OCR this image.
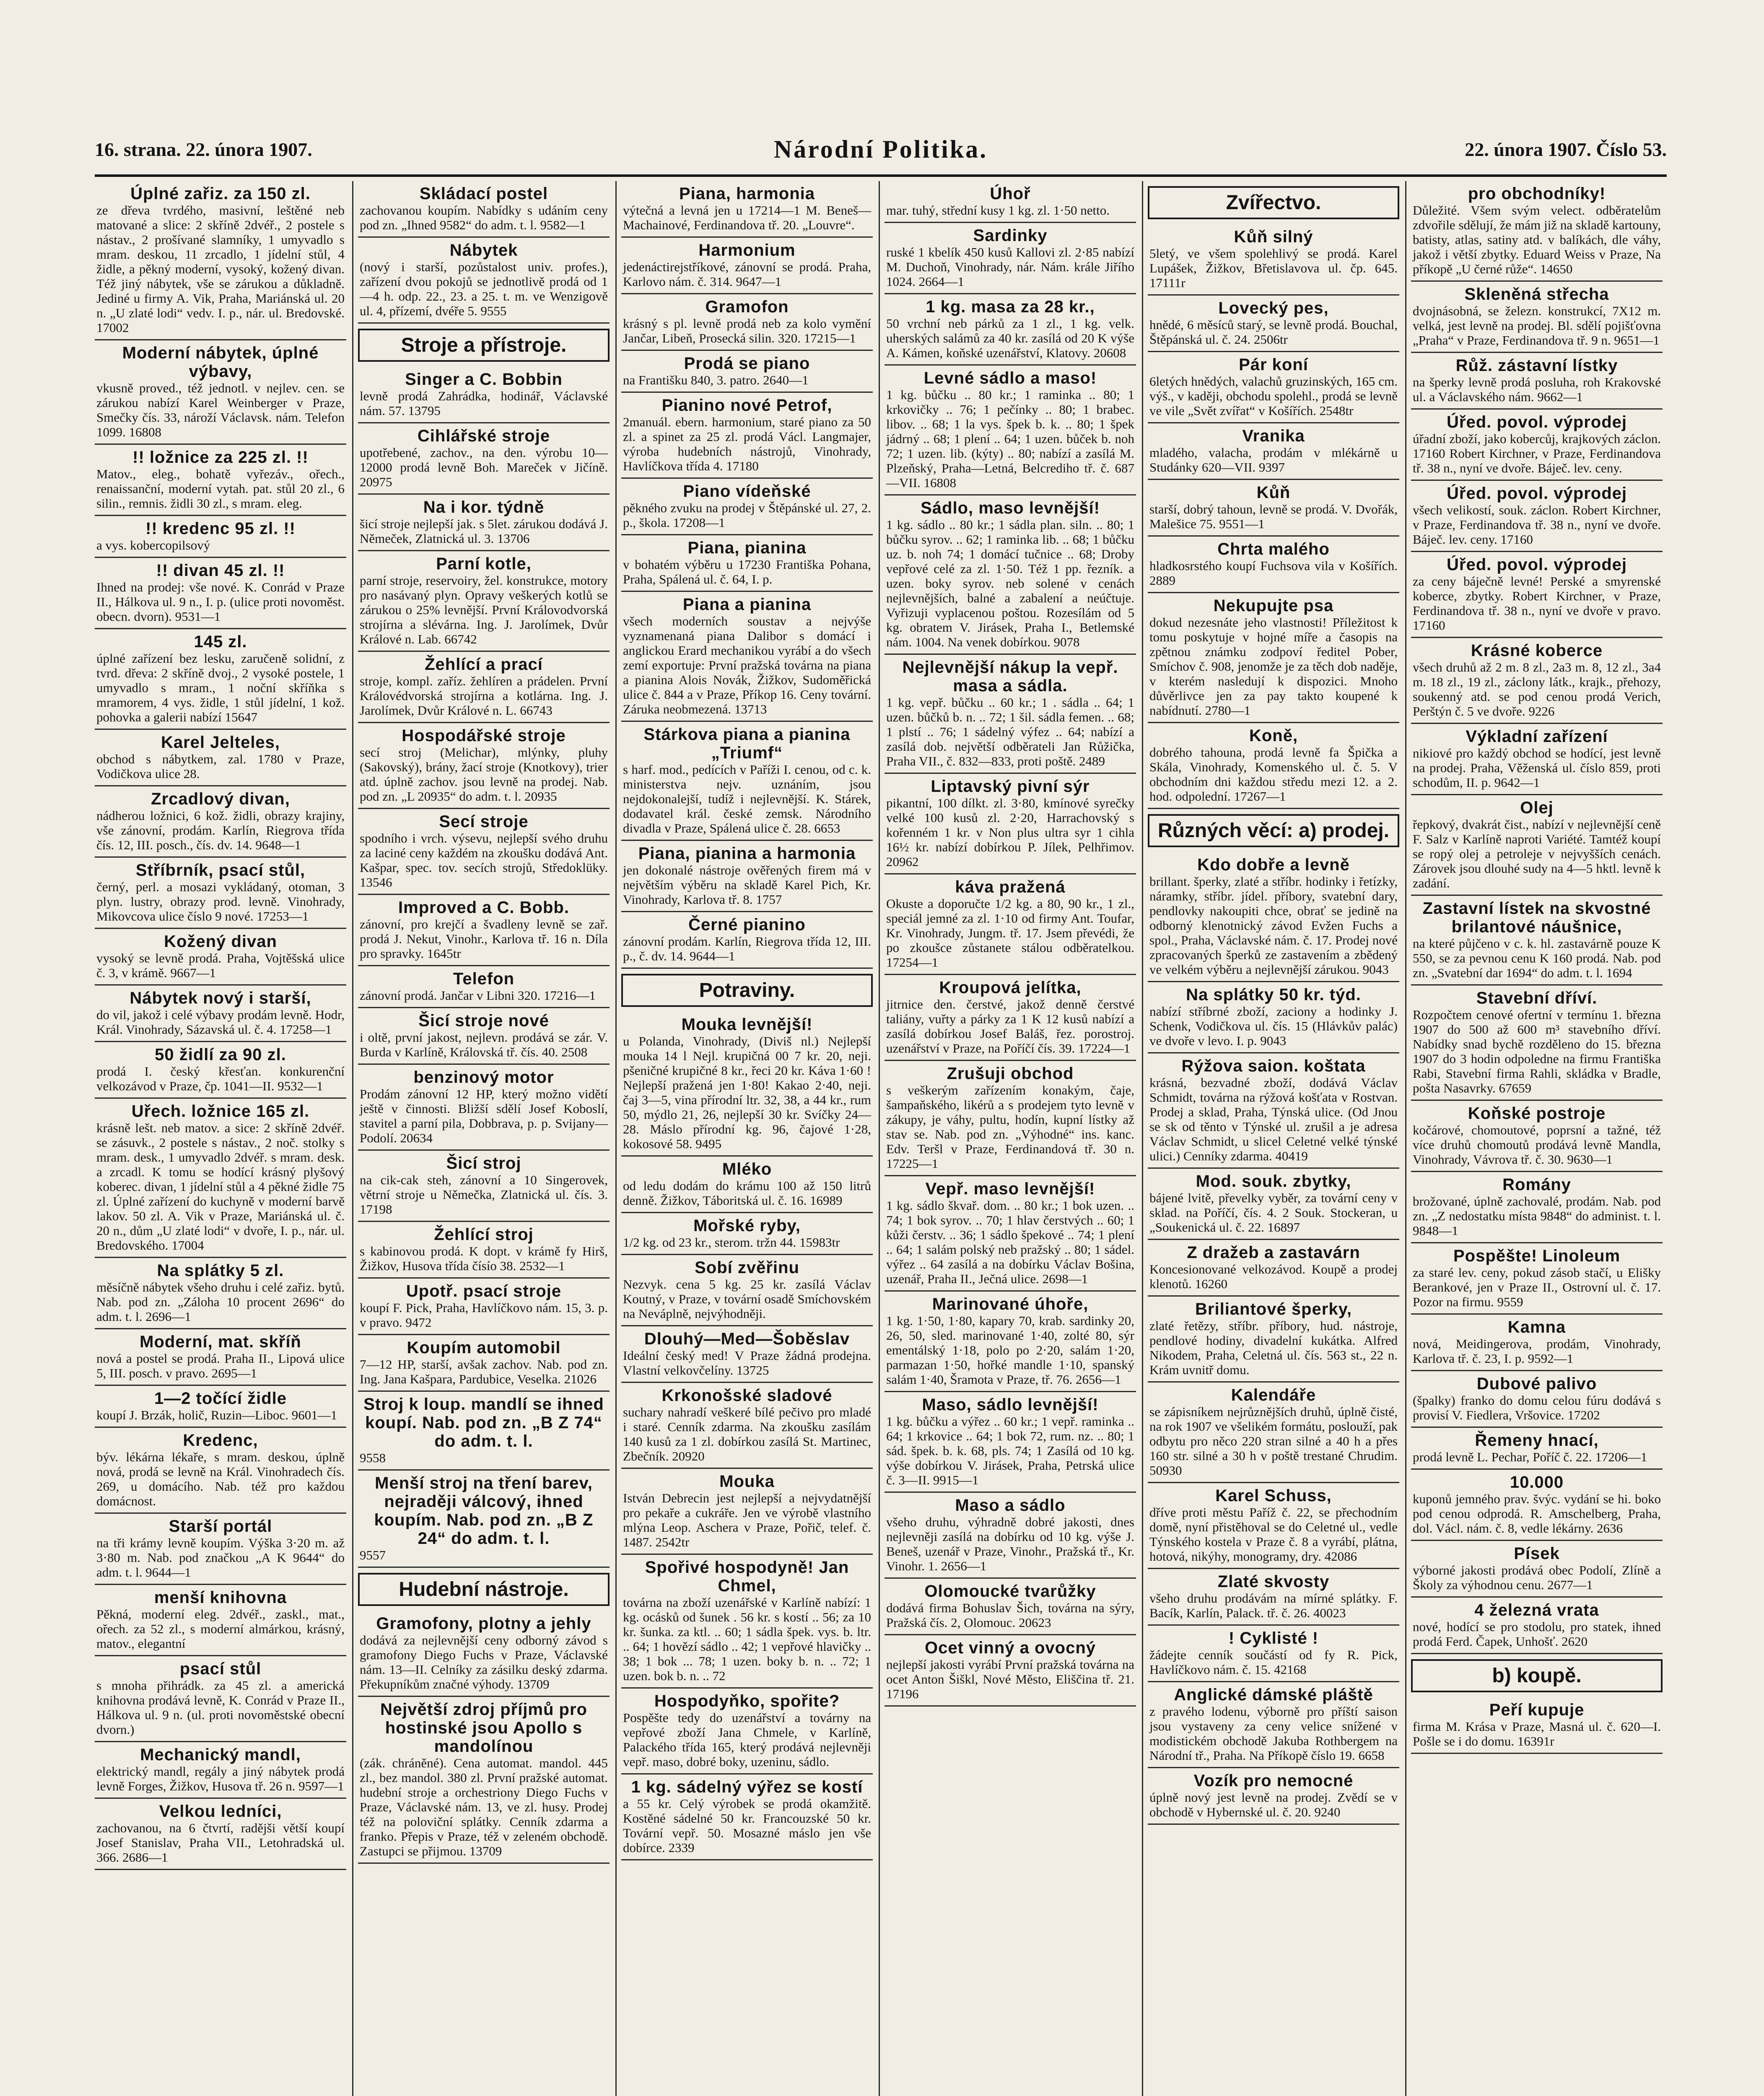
16. strana. 22. února 1907.	Národní Politika.	22. února 1907. Číslo 53.
Úplné zařiz. za 150 zl.
ze dřeva tvrdého, masivní, leštěné neb matované a slice: 2 skříně 2dvéř., 2 postele s nástav., 2 prošívané slamníky, 1 umyvadlo s mram. deskou, 11 zrcadlo, 1 jídelní stůl, 4 židle, a pěkný moderní, vysoký, kožený divan. Též jiný nábytek, vše se zárukou a důkladně. Jediné u firmy A. Vik, Praha, Mariánská ul. 20 n. „U zlaté lodi“ vedv. I. p., nár. ul. Bredovské. 17002
Moderní nábytek, úplné výbavy,
vkusně proved., též jednotl. v nejlev. cen. se zárukou nabízí Karel Weinberger v Praze, Smečky čís. 33, nároží Václavsk. nám. Telefon 1099. 16808
!! ložnice za 225 zl. !!
Matov., eleg., bohatě vyřezáv., ořech., renaissanční, moderní vytah. pat. stůl 20 zl., 6 silin., remnis. židli 30 zl., s mram. eleg.
!! kredenc 95 zl. !!
a vys. kobercopilsový
!! divan 45 zl. !!
Ihned na prodej: vše nové. K. Conrád v Praze II., Hálkova ul. 9 n., I. p. (ulice proti novoměst. obecn. dvorn). 9531—1
145 zl.
úplné zařízení bez lesku, zaručeně solidní, z tvrd. dřeva: 2 skříně dvoj., 2 vysoké postele, 1 umyvadlo s mram., 1 noční skříňka s mramorem, 4 vys. židle, 1 stůl jídelní, 1 kož. pohovka a galerii nabízí 15647
Karel Jelteles,
obchod s nábytkem, zal. 1780 v Praze, Vodičkova ulice 28.
Zrcadlový divan,
nádherou ložnici, 6 kož. židli, obrazy krajiny, vše zánovní, prodám. Karlín, Riegrova třída čís. 12, III. posch., čís. dv. 14. 9648—1
Stříbrník, psací stůl,
černý, perl. a mosazi vykládaný, otoman, 3 plyn. lustry, obrazy prod. levně. Vinohrady, Mikovcova ulice číslo 9 nové. 17253—1
Kožený divan
vysoký se levně prodá. Praha, Vojtěšská ulice č. 3, v krámě. 9667—1
Nábytek nový i starší,
do vil, jakož i celé výbavy prodám levně. Hodr, Král. Vinohrady, Sázavská ul. č. 4. 17258—1
50 židlí za 90 zl.
prodá I. český křesťan. konkurenční velkozávod v Praze, čp. 1041—II. 9532—1
Uřech. ložnice 165 zl.
krásně lešt. neb matov. a sice: 2 skříně 2dvéř. se zásuvk., 2 postele s nástav., 2 noč. stolky s mram. desk., 1 umyvadlo 2dvéř. s mram. desk. a zrcadl. K tomu se hodící krásný plyšový koberec. divan, 1 jídelní stůl a 4 pěkné židle 75 zl. Úplné zařízení do kuchyně v moderní barvě lakov. 50 zl. A. Vik v Praze, Mariánská ul. č. 20 n., dům „U zlaté lodi“ v dvoře, I. p., nár. ul. Bredovského. 17004
Na splátky 5 zl.
měsíčně nábytek všeho druhu i celé zařiz. bytů. Nab. pod zn. „Záloha 10 procent 2696“ do adm. t. l. 2696—1
Moderní, mat. skříň
nová a postel se prodá. Praha II., Lipová ulice 5, III. posch. v pravo. 2695—1
1—2 točící židle
koupí J. Brzák, holič, Ruzin—Liboc. 9601—1
Kredenc,
býv. lékárna lékaře, s mram. deskou, úplně nová, prodá se levně na Král. Vinohradech čís. 269, u domácího. Nab. též pro každou domácnost.
Starší portál
na tři krámy levně koupím. Výška 3·20 m. až 3·80 m. Nab. pod značkou „A K 9644“ do adm. t. l. 9644—1
menší knihovna
Pěkná, moderní eleg. 2dvéř., zaskl., mat., ořech. za 52 zl., s moderní almárkou, krásný, matov., elegantní
psací stůl
s mnoha přihrádk. za 45 zl. a americká knihovna prodává levně, K. Conrád v Praze II., Hálkova ul. 9 n. (ul. proti novoměstské obecní dvorn.)
Mechanický mandl,
elektrický mandl, regály a jiný nábytek prodá levně Forges, Žižkov, Husova tř. 26 n. 9597—1
Velkou ledníci,
zachovanou, na 6 čtvrtí, radějši větší koupí Josef Stanislav, Praha VII., Letohradská ul. 366. 2686—1
Skládací postel
zachovanou koupím. Nabídky s udáním ceny pod zn. „Ihned 9582“ do adm. t. l. 9582—1
Nábytek
(nový i starší, pozůstalost univ. profes.), zařízení dvou pokojů se jednotlivě prodá od 1—4 h. odp. 22., 23. a 25. t. m. ve Wenzigově ul. 4, přízemí, dvéře 5. 9555
Stroje a přístroje.
Singer a C. Bobbin
levně prodá Zahrádka, hodinář, Václavské nám. 57. 13795
Cihlářské stroje
upotřebené, zachov., na den. výrobu 10—12000 prodá levně Boh. Mareček v Jičíně. 20975
Na i kor. týdně
šicí stroje nejlepší jak. s 5let. zárukou dodává J. Němeček, Zlatnická ul. 3. 13706
Parní kotle,
parní stroje, reservoiry, žel. konstrukce, motory pro nasávaný plyn. Opravy veškerých kotlů se zárukou o 25% levnější. První Královodvorská strojírna a slévárna. Ing. J. Jarolímek, Dvůr Králové n. Lab. 66742
Žehlící a prací
stroje, kompl. zaříz. žehlíren a prádelen. První Královédvorská strojírna a kotlárna. Ing. J. Jarolímek, Dvůr Králové n. L. 66743
Hospodářské stroje
secí stroj (Melichar), mlýnky, pluhy (Sakovský), brány, žací stroje (Knotkovy), trier atd. úplně zachov. jsou levně na prodej. Nab. pod zn. „L 20935“ do adm. t. l. 20935
Secí stroje
spodního i vrch. výsevu, nejlepší svého druhu za laciné ceny každém na zkoušku dodává Ant. Kašpar, spec. tov. secích strojů, Středoklüky. 13546
Improved a C. Bobb.
zánovní, pro krejčí a švadleny levně se zař. prodá J. Nekut, Vinohr., Karlova tř. 16 n. Díla pro spravky. 1645tr
Telefon
zánovní prodá. Jančar v Libni 320. 17216—1
Šicí stroje nové
i oltě, první jakost, nejlevn. prodává se zár. V. Burda v Karlíně, Královská tř. čís. 40. 2508
benzinový motor
Prodám zánovní 12 HP, který možno vidětí ještě v činnosti. Bližší sdělí Josef Koboslí, stavitel a parní pila, Dobbrava, p. p. Svijany—Podolí. 20634
Šicí stroj
na cik-cak steh, zánovní a 10 Singerovek, větrní stroje u Němečka, Zlatnická ul. čís. 3. 17198
Žehlící stroj
s kabinovou prodá. K dopt. v krámě fy Hirš, Žižkov, Husova třída čísío 38. 2532—1
Upotř. psací stroje
koupí F. Pick, Praha, Havlíčkovo nám. 15, 3. p. v pravo. 9472
Koupím automobil
7—12 HP, starší, avšak zachov. Nab. pod zn. Ing. Jana Kašpara, Pardubice, Veselka. 21026
Stroj k loup. mandlí se ihned koupí. Nab. pod zn. „B Z 74“ do adm. t. l.
9558
Menší stroj na tření barev, nejraději válcový, ihned koupím. Nab. pod zn. „B Z 24“ do adm. t. l.
9557
Hudební nástroje.
Gramofony, plotny a jehly
dodává za nejlevnější ceny odborný závod s gramofony Diego Fuchs v Praze, Václavské nám. 13—II. Celníky za zásilku deský zdarma. Překupníkům značné výhody. 13709
Největší zdroj příjmů pro hostinské jsou Apollo s mandolínou
(zák. chráněné). Cena automat. mandol. 445 zl., bez mandol. 380 zl. První pražské automat. hudební stroje a orchestriony Diego Fuchs v Praze, Václavské nám. 13, ve zl. husy. Prodej též na poloviční splátky. Cenník zdarma a franko. Přepis v Praze, též v zeleném obchodě. Zastupci se přijmou. 13709
Piana, harmonia
výtečná a levná jen u 17214—1 M. Beneš—Machainové, Ferdinandova tř. 20. „Louvre“.
Harmonium
jedenáctirejstříkové, zánovní se prodá. Praha, Karlovo nám. č. 314. 9647—1
Gramofon
krásný s pl. levně prodá neb za kolo vymění Jančar, Libeň, Prosecká silin. 320. 17215—1
Prodá se piano
na Františku 840, 3. patro. 2640—1
Pianino nové Petrof,
2manuál. ebern. harmonium, staré piano za 50 zl. a spinet za 25 zl. prodá Václ. Langmajer, výroba hudebních nástrojů, Vinohrady, Havlíčkova třída 4. 17180
Piano vídeňské
pěkného zvuku na prodej v Štěpánské ul. 27, 2. p., škola. 17208—1
Piana, pianina
v bohatém výběru u 17230 Františka Pohana, Praha, Spálená ul. č. 64, I. p.
Piana a pianina
všech moderních soustav a nejvýše vyznamenaná piana Dalibor s domácí i anglickou Erard mechanikou vyrábí a do všech zemí exportuje: První pražská továrna na piana a pianina Alois Novák, Žižkov, Sudoměřická ulice č. 844 a v Praze, Příkop 16. Ceny tovární. Záruka neobmezená. 13713
Stárkova piana a pianina „Triumf“
s harf. mod., pedících v Paříži I. cenou, od c. k. ministerstva nejv. uznáním, jsou nejdokonalejší, tudíž i nejlevnější. K. Stárek, dodavatel král. české zemsk. Národního divadla v Praze, Spálená ulice č. 28. 6653
Piana, pianina a harmonia
jen dokonalé nástroje ověřených firem má v největším výběru na skladě Karel Pich, Kr. Vinohrady, Karlova tř. 8. 1757
Černé pianino
zánovní prodám. Karlín, Riegrova třída 12, III. p., č. dv. 14. 9644—1
Potraviny.
Mouka levnější!
u Polanda, Vinohrady, (Diviš nl.) Nejlepší mouka 14 l Nejl. krupičná 00 7 kr. 20, neji. pšeničné krupičné 8 kr., řeci 20 kr. Káva 1·60 ! Nejlepší pražená jen 1·80! Kakao 2·40, neji. čaj 3—5, vina přírodní ltr. 32, 38, a 44 kr., rum 50, mýdlo 21, 26, nejlepší 30 kr. Svíčky 24—28. Máslo přírodní kg. 96, čajové 1·28, kokosové 58. 9495
Mléko
od ledu dodám do krámu 100 až 150 litrů denně. Žižkov, Táboritská ul. č. 16. 16989
Mořské ryby,
1/2 kg. od 23 kr., sterom. tržn 44. 15983tr
Sobí zvěřinu
Nezvyk. cena 5 kg. 25 kr. zasílá Václav Koutný, v Praze, v tovární osadě Smíchovském na Neváplně, nejvýhodněji.
Dlouhý—Med—Šoběslav
Ideální český med! V Praze žádná prodejna. Vlastní velkovčelíny. 13725
Krkonošské sladové
suchary nahradí veškeré bílé pečivo pro mladé i staré. Cenník zdarma. Na zkoušku zasílám 140 kusů za 1 zl. dobírkou zasílá St. Martinec, Zbečník. 20920
Mouka
István Debrecin jest nejlepší a nejvydatnější pro pekaře a cukráře. Jen ve výrobě vlastního mlýna Leop. Aschera v Praze, Pořič, telef. č. 1487. 2542tr
Spořivé hospodyně! Jan Chmel,
továrna na zboží uzenářské v Karlíně nabízí: 1 kg. ocásků od šunek . 56 kr. s kostí .. 56; za 10 kr. šunka. za ktl. .. 60; 1 sádla špek. vys. b. ltr. .. 64; 1 hovězí sádlo .. 42; 1 vepřové hlavičky .. 38; 1 bok ... 78; 1 uzen. boky b. n. .. 72; 1 uzen. bok b. n. .. 72
Hospodyňko, spořite?
Pospěšte tedy do uzenářství a továrny na vepřové zboží Jana Chmele, v Karlíně, Palackého třída 165, který prodává nejlevněji vepř. maso, dobré boky, uzeninu, sádlo.
1 kg. sádelný výřez se kostí
a 55 kr. Celý výrobek se prodá okamžitě. Kostěné sádelné 50 kr. Francouzské 50 kr. Tovární vepř. 50. Mosazné máslo jen vše dobírce. 2339
Úhoř
mar. tuhý, střední kusy 1 kg. zl. 1·50 netto.
Sardinky
ruské 1 kbelík 450 kusů Kallovi zl. 2·85 nabízí M. Duchoň, Vinohrady, nár. Nám. krále Jiřího 1024. 2664—1
1 kg. masa za 28 kr.,
50 vrchní neb párků za 1 zl., 1 kg. velk. uherských salámů za 40 kr. zasílá od 20 K výše A. Kámen, koňské uzenářství, Klatovy. 20608
Levné sádlo a maso!
1 kg. bůčku .. 80 kr.; 1 raminka .. 80; 1 krkovičky .. 76; 1 pečínky .. 80; 1 brabec. libov. .. 68; 1 la vys. špek b. k. .. 80; 1 špek jádrný .. 68; 1 plení .. 64; 1 uzen. bůček b. noh 72; 1 uzen. lib. (kýty) .. 80; nabízí a zasílá M. Plzeňský, Praha—Letná, Belcrediho tř. č. 687—VII. 16808
Sádlo, maso levnější!
1 kg. sádlo .. 80 kr.; 1 sádla plan. siln. .. 80; 1 bůčku syrov. .. 62; 1 raminka lib. .. 68; 1 bůčku uz. b. noh 74; 1 domácí tučnice .. 68; Droby vepřové celé za zl. 1·50. Též 1 pp. řezník. a uzen. boky syrov. neb solené v cenách nejlevnějších, balné a zabalení a neúčtuje. Vyřizuji vyplacenou poštou. Rozesílám od 5 kg. obratem V. Jirásek, Praha I., Betlemské nám. 1004. Na venek dobírkou. 9078
Nejlevnější nákup la vepř. masa a sádla.
1 kg. vepř. bůčku .. 60 kr.; 1 . sádla .. 64; 1 uzen. bůčků b. n. .. 72; 1 šil. sádla femen. .. 68; 1 plstí .. 76; 1 sádelný výfez .. 64; nabízí a zasílá dob. největší odběrateli Jan Růžička, Praha VII., č. 832—833, proti poště. 2489
Liptavský pivní sýr
pikantní, 100 dílkt. zl. 3·80, kmínové syrečky velké 100 kusů zl. 2·20, Harrachovský s kořenném 1 kr. v Non plus ultra syr 1 cihla 16½ kr. nabízí dobírkou P. Jílek, Pelhřimov. 20962
káva pražená
Okuste a doporučte 1/2 kg. a 80, 90 kr., 1 zl., speciál jemné za zl. 1·10 od firmy Ant. Toufar, Kr. Vinohrady, Jungm. tř. 17. Jsem převédi, že po zkoušce zůstanete stálou odběratelkou. 17254—1
Kroupová jelítka,
jitrnice den. čerstvé, jakož denně čerstvé taliány, vuřty a párky za 1 K 12 kusů nabízí a zasílá dobírkou Josef Baláš, řez. porostroj. uzenářství v Praze, na Poříčí čís. 39. 17224—1
Zrušuji obchod
s veškerým zařízením konakým, čaje, šampaňského, likérů a s prodejem tyto levně v zákupy, je váhy, pultu, hodín, kupní lístky až stav se. Nab. pod zn. „Výhodné“ ins. kanc. Edv. Teršl v Praze, Ferdinandová tř. 30 n. 17225—1
Vepř. maso levnější!
1 kg. sádlo škvař. dom. .. 80 kr.; 1 bok uzen. .. 74; 1 bok syrov. .. 70; 1 hlav čerstvých .. 60; 1 kůži čerstv. .. 36; 1 sádlo špekové .. 74; 1 plení .. 64; 1 salám polský neb pražský .. 80; 1 sádel. výřez .. 64 zasílá a na dobírku Václav Bošina, uzenář, Praha II., Ječná ulice. 2698—1
Marinované úhoře,
1 kg. 1·50, 1·80, kapary 70, krab. sardinky 20, 26, 50, sled. marinované 1·40, zolté 80, sýr ementálský 1·18, polo po 2·20, salám 1·20, parmazan 1·50, hořké mandle 1·10, spanský salám 1·40, Šramota v Praze, tř. 76. 2656—1
Maso, sádlo levnější!
1 kg. bůčku a výřez .. 60 kr.; 1 vepř. raminka .. 64; 1 krkovice .. 64; 1 bok 72, rum. nz. .. 80; 1 sád. špek. b. k. 68, pls. 74; 1 Zasílá od 10 kg. výše dobírkou V. Jirásek, Praha, Petrská ulice č. 3—II. 9915—1
Maso a sádlo
všeho druhu, výhradně dobré jakosti, dnes nejlevněji zasílá na dobírku od 10 kg. výše J. Beneš, uzenář v Praze, Vinohr., Pražská tř., Kr. Vinohr. 1. 2656—1
Olomoucké tvarůžky
dodává firma Bohuslav Šich, továrna na sýry, Pražská čís. 2, Olomouc. 20623
Ocet vinný a ovocný
nejlepší jakosti vyrábí První pražská továrna na ocet Anton Šiškl, Nové Město, Eliščina tř. 21. 17196
Zvířectvo.
Kůň silný
5letý, ve všem spolehlivý se prodá. Karel Lupášek, Žižkov, Břetislavova ul. čp. 645. 17111r
Lovecký pes,
hnědé, 6 měsíců starý, se levně prodá. Bouchal, Štěpánská ul. č. 24. 2506tr
Pár koní
6letých hnědých, valachů gruzinských, 165 cm. výš., v kaději, obchodu spolehl., prodá se levně ve vile „Svět zvířat“ v Košířích. 2548tr
Vranika
mladého, valacha, prodám v mlékárně u Studánky 620—VII. 9397
Kůň
starší, dobrý tahoun, levně se prodá. V. Dvořák, Malešice 75. 9551—1
Chrta malého
hladkosrstého koupí Fuchsova vila v Košířích. 2889
Nekupujte psa
dokud nezesnáte jeho vlastnosti! Příležitost k tomu poskytuje v hojné míře a časopis na zpětnou známku zodpoví ředitel Pober, Smíchov č. 908, jenomže je za těch dob naděje, v kterém nasledují k dispozici. Mnoho důvěrlivce jen za pay takto koupené k nabídnutí. 2780—1
Koně,
dobrého tahouna, prodá levně fa Špička a Skála, Vinohrady, Komenského ul. č. 5. V obchodním dni každou středu mezi 12. a 2. hod. odpolední. 17267—1
Různých věcí: a) prodej.
Kdo dobře a levně
brillant. šperky, zlaté a stříbr. hodinky i řetízky, náramky, stříbr. jídel. příbory, svatební dary, pendlovky nakoupiti chce, obrať se jedině na odborný klenotnický závod Evžen Fuchs a spol., Praha, Václavské nám. č. 17. Prodej nové zpracovaných šperků ze zastavením a zbědený ve velkém výběru a nejlevnější zárukou. 9043
Na splátky 50 kr. týd.
nabízí stříbrné zboží, zaciony a hodinky J. Schenk, Vodičkova ul. čís. 15 (Hlávkův palác) ve dvoře v levo. I. p. 9043
Rýžova saion. koštata
krásná, bezvadné zboží, dodává Václav Schmidt, továrna na rýžová košťata v Rostvan. Prodej a sklad, Praha, Týnská ulice. (Od Jnou se sk od těnto v Týnské ul. zrušil a je adresa Václav Schmidt, u slicel Celetné velké týnské ulici.) Cenníky zdarma. 40419
Mod. souk. zbytky,
bájené lvitě, převelky vyběr, za tovární ceny v sklad. na Poříčí, čís. 4. 2 Souk. Stockeran, u „Soukenická ul. č. 22. 16897
Z dražeb a zastavárn
Koncesionované velkozávod. Koupě a prodej klenotů. 16260
Briliantové šperky,
zlaté řetězy, stříbr. příbory, hud. nástroje, pendlové hodiny, divadelní kukátka. Alfred Nikodem, Praha, Celetná ul. čís. 563 st., 22 n. Krám uvnitř domu.
Kalendáře
se zápisníkem nejrůznějších druhů, úplně čisté, na rok 1907 ve všelikém formátu, poslouží, pak odbytu pro něco 220 stran silné a 40 h a přes 160 str. silné a 30 h v poště trestané Chrudim. 50930
Karel Schuss,
dříve proti městu Paříž č. 22, se přechodním domě, nyní přistěhoval se do Celetné ul., vedle Týnského kostela v Praze č. 8 a vyrábí, plátna, hotová, nikýhy, monogramy, dry. 42086
Zlaté skvosty
všeho druhu prodávám na mírné splátky. F. Bacík, Karlín, Palack. tř. č. 26. 40023
! Cyklisté !
žádejte cenník součástí od fy R. Pick, Havlíčkovo nám. č. 15. 42168
Anglické dámské pláště
z pravého lodenu, výborně pro příští saison jsou vystaveny za ceny velice snížené v modistickém obchodě Jakuba Rothbergem na Národní tř., Praha. Na Příkopě číslo 19. 6658
Vozík pro nemocné
úplně nový jest levně na prodej. Zvědí se v obchodě v Hybernské ul. č. 20. 9240
pro obchodníky!
Důležité. Všem svým velect. odběratelům zdvořile sdělují, že mám již na skladě kartouny, batisty, atlas, satiny atd. v balíkách, dle váhy, jakož i větší zbytky. Eduard Weiss v Praze, Na příkopě „U černé růže“. 14650
Skleněná střecha
dvojnásobná, se železn. konstrukcí, 7X12 m. velká, jest levně na prodej. Bl. sdělí pojišťovna „Praha“ v Praze, Ferdinandova tř. 9 n. 9651—1
Růž. zástavní lístky
na šperky levně prodá posluha, roh Krakovské ul. a Václavského nám. 9662—1
Úřed. povol. výprodej
úřadní zboží, jako kobercůj, krajkových záclon. 17160 Robert Kirchner, v Praze, Ferdinandova tř. 38 n., nyní ve dvoře. Báječ. lev. ceny.
Úřed. povol. výprodej
všech velikostí, souk. záclon. Robert Kirchner, v Praze, Ferdinandova tř. 38 n., nyní ve dvoře. Báječ. lev. ceny. 17160
Úřed. povol. výprodej
za ceny báječně levné! Perské a smyrenské koberce, zbytky. Robert Kirchner, v Praze, Ferdinandova tř. 38 n., nyní ve dvoře v pravo. 17160
Krásné koberce
všech druhů až 2 m. 8 zl., 2a3 m. 8, 12 zl., 3a4 m. 18 zl., 19 zl., záclony látk., krajk., přehozy, soukenný atd. se pod cenou prodá Verich, Perštýn č. 5 ve dvoře. 9226
Výkladní zařízení
nikiové pro každý obchod se hodící, jest levně na prodej. Praha, Věženská ul. číslo 859, proti schodům, II. p. 9642—1
Olej
řepkový, dvakrát čist., nabízí v nejlevnější ceně F. Salz v Karlíně naproti Variété. Tamtéž koupí se ropý olej a petroleje v nejvyšších cenách. Zárovek jsou dlouhé sudy na 4—5 hktl. levně k zadání.
Zastavní lístek na skvostné brilantové náušnice,
na které půjčeno v c. k. hl. zastavárně pouze K 550, se za pevnou cenu K 160 prodá. Nab. pod zn. „Svatební dar 1694“ do adm. t. l. 1694
Stavební dříví.
Rozpočtem cenové ofertní v termínu 1. března 1907 do 500 až 600 m³ stavebního dříví. Nabídky snad bychě rozděleno do 15. března 1907 do 3 hodin odpoledne na firmu Františka Rabi, Stavební firma Rahli, skládka v Bradle, pošta Nasavrky. 67659
Koňské postroje
kočárové, chomoutové, poprsní a tažné, též více druhů chomoutů prodává levně Mandla, Vinohrady, Vávrova tř. č. 30. 9630—1
Romány
brožované, úplně zachovalé, prodám. Nab. pod zn. „Z nedostatku místa 9848“ do administ. t. l. 9848—1
Pospěšte! Linoleum
za staré lev. ceny, pokud zásob stačí, u Elišky Berankové, jen v Praze II., Ostrovní ul. č. 17. Pozor na firmu. 9559
Kamna
nová, Meidingerova, prodám, Vinohrady, Karlova tř. č. 23, I. p. 9592—1
Dubové palivo
(špalky) franko do domu celou fúru dodává s provisí V. Fiedlera, Vršovice. 17202
Řemeny hnací,
prodá levně L. Pechar, Poříč č. 22. 17206—1
10.000
kuponů jemného prav. švýc. vydání se hi. boko pod cenou odprodá. R. Amschelberg, Praha, dol. Václ. nám. č. 8, vedle lékárny. 2636
Písek
výborné jakosti prodává obec Podolí, Zlíně a Školy za výhodnou cenu. 2677—1
4 železná vrata
nové, hodící se pro stodolu, pro statek, ihned prodá Ferd. Čapek, Unhošť. 2620
b) koupě.
Peří kupuje
firma M. Krása v Praze, Masná ul. č. 620—I. Pošle se i do domu. 16391r
